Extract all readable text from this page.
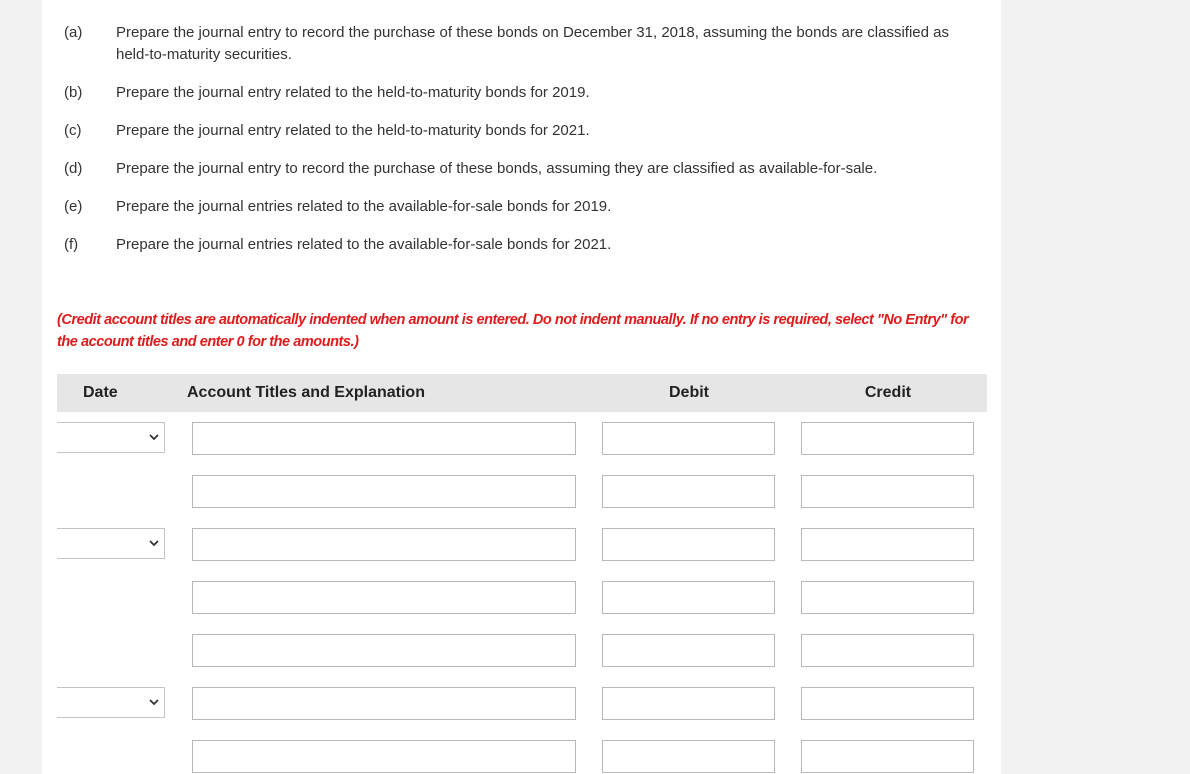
(a)	Prepare the journal entry to record the purchase of these bonds on December 31, 2018, assuming the bonds are classified as held-to-maturity securities.
(b)	Prepare the journal entry related to the held-to-maturity bonds for 2019.
(c)	Prepare the journal entry related to the held-to-maturity bonds for 2021.
(d)	Prepare the journal entry to record the purchase of these bonds, assuming they are classified as available-for-sale.
(e)	Prepare the journal entries related to the available-for-sale bonds for 2019.
(f)	Prepare the journal entries related to the available-for-sale bonds for 2021.
(Credit account titles are automatically indented when amount is entered. Do not indent manually. If no entry is required, select "No Entry" for the account titles and enter 0 for the amounts.)
Date	Account Titles and Explanation	Debit	Credit
